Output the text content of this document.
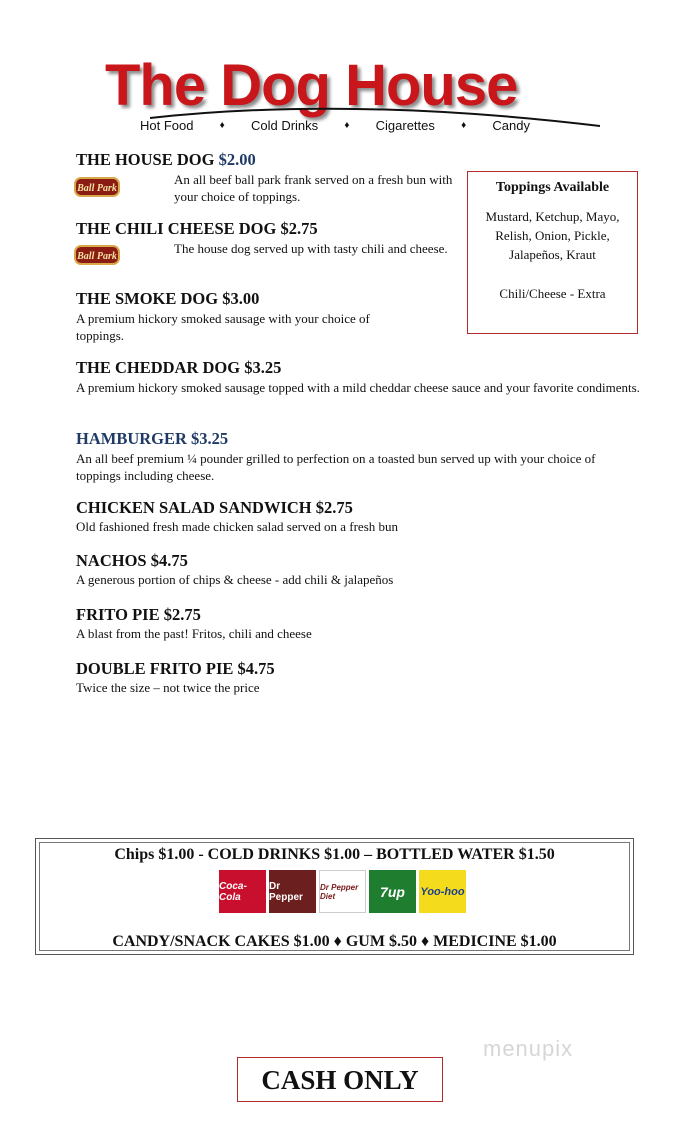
The Dog House
Hot Food	♦ Cold Drinks	♦ Cigarettes	♦ Candy
THE HOUSE DOG $2.00
Ball Park
An all beef ball park frank served on a fresh bun with your choice of toppings.
THE CHILI CHEESE DOG $2.75
Ball Park
The house dog served up with tasty chili and cheese.
THE SMOKE DOG $3.00
A premium hickory smoked sausage with your choice of toppings.
THE CHEDDAR DOG $3.25
A premium hickory smoked sausage topped with a mild cheddar cheese sauce and your favorite condiments.
HAMBURGER $3.25
An all beef premium ¼ pounder grilled to perfection on a toasted bun served up with your choice of toppings including cheese.
CHICKEN SALAD SANDWICH $2.75
Old fashioned fresh made chicken salad served on a fresh bun
NACHOS $4.75
A generous portion of chips & cheese - add chili & jalapeños
FRITO PIE $2.75
A blast from the past! Fritos, chili and cheese
DOUBLE FRITO PIE $4.75
Twice the size – not twice the price
Toppings Available
Mustard, Ketchup, Mayo,
Relish, Onion, Pickle,
Jalapeños, Kraut
Chili/Cheese - Extra
Chips $1.00 - COLD DRINKS $1.00 – BOTTLED WATER $1.50
Coca-Cola
Dr Pepper
Dr Pepper Diet	7up	Yoo-hoo
CANDY/SNACK CAKES $1.00 ♦ GUM $.50 ♦ MEDICINE $1.00
menupix
CASH ONLY
